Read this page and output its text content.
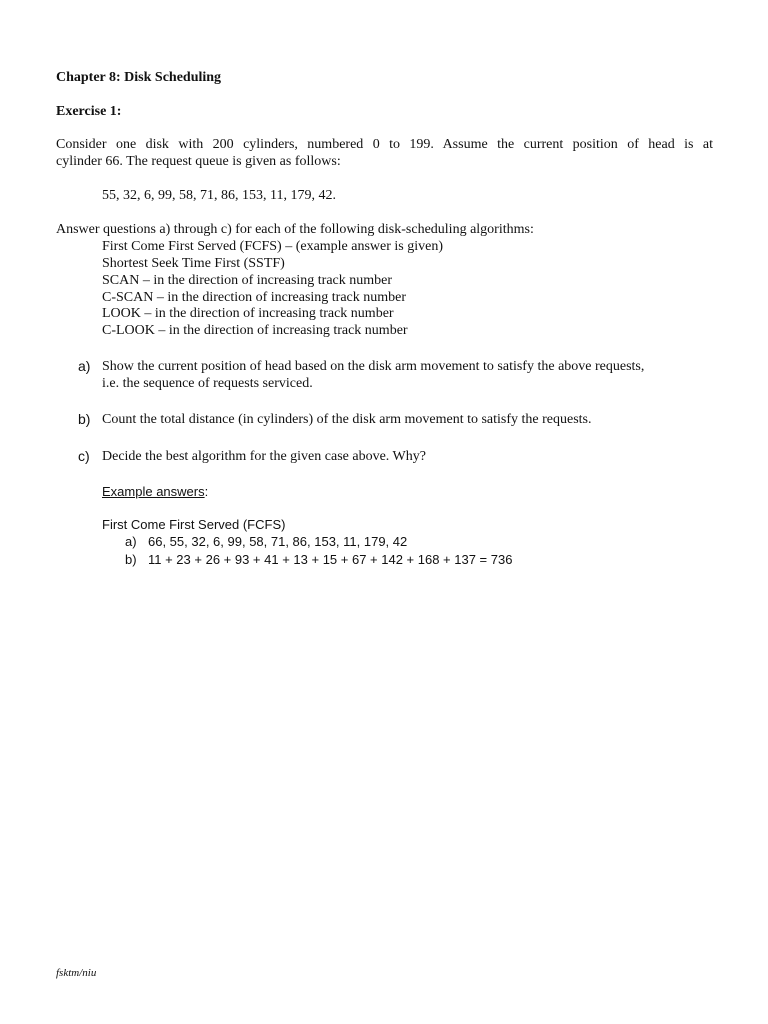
Chapter 8: Disk Scheduling
Exercise 1:
Consider one disk with 200 cylinders, numbered 0 to 199. Assume the current position of head is at
cylinder 66. The request queue is given as follows:
55, 32, 6, 99, 58, 71, 86, 153, 11, 179, 42.
Answer questions a) through c) for each of the following disk-scheduling algorithms:
First Come First Served (FCFS) – (example answer is given)
Shortest Seek Time First (SSTF)
SCAN – in the direction of increasing track number
C-SCAN – in the direction of increasing track number
LOOK – in the direction of increasing track number
C-LOOK – in the direction of increasing track number
a) Show the current position of head based on the disk arm movement to satisfy the above requests,
i.e. the sequence of requests serviced.
b) Count the total distance (in cylinders) of the disk arm movement to satisfy the requests.
c) Decide the best algorithm for the given case above. Why?
Example answers:
First Come First Served (FCFS)
a) 66, 55, 32, 6, 99, 58, 71, 86, 153, 11, 179, 42
b) 11 + 23 + 26 + 93 + 41 + 13 + 15 + 67 + 142 + 168 + 137 = 736
fsktm/niu
